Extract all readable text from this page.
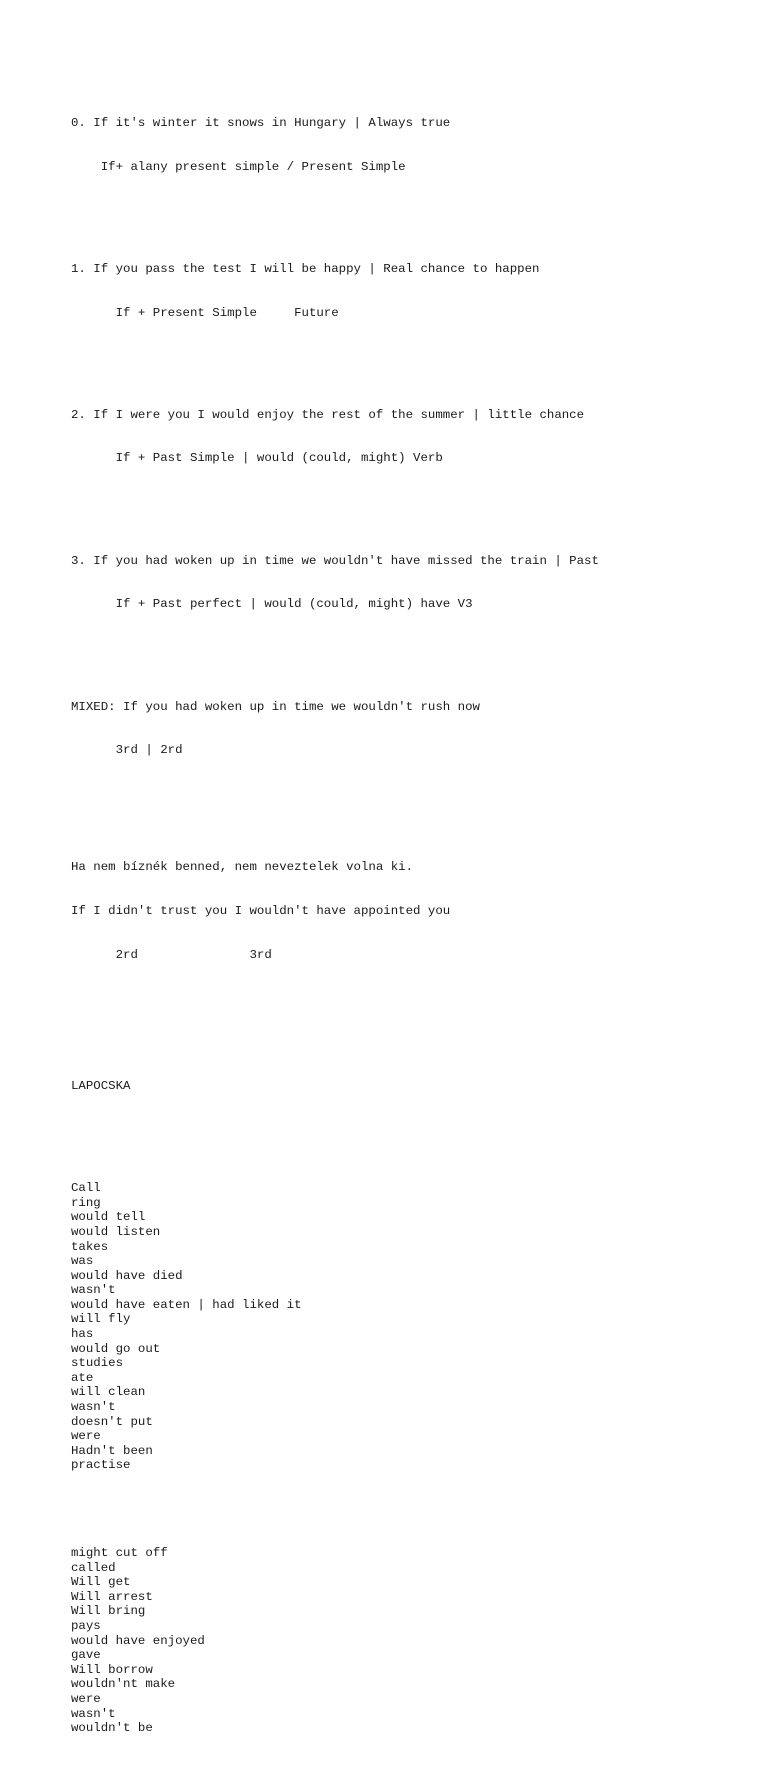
0. If it's winter it snows in Hungary | Always true

If+ alany present simple / Present Simple

1. If you pass the test I will be happy | Real chance to happen

If + Present Simple     Future

2. If I were you I would enjoy the rest of the summer | little chance

If + Past Simple | would (could, might) Verb

3. If you had woken up in time we wouldn't have missed the train | Past

If + Past perfect | would (could, might) have V3

MIXED: If you had woken up in time we wouldn't rush now

3rd | 2rd

Ha nem bíznék benned, nem neveztelek volna ki.

If I didn't trust you I wouldn't have appointed you

2rd               3rd

LAPOCSKA

Call
ring
would tell
would listen
takes
was
would have died
wasn't
would have eaten | had liked it
will fly
has
would go out
studies
ate
will clean
wasn't
doesn't put
were
Hadn't been
practise

might cut off
called
Will get
Will arrest
Will bring
pays
would have enjoyed
gave
Will borrow
wouldn'nt make
were
wasn't
wouldn't be
